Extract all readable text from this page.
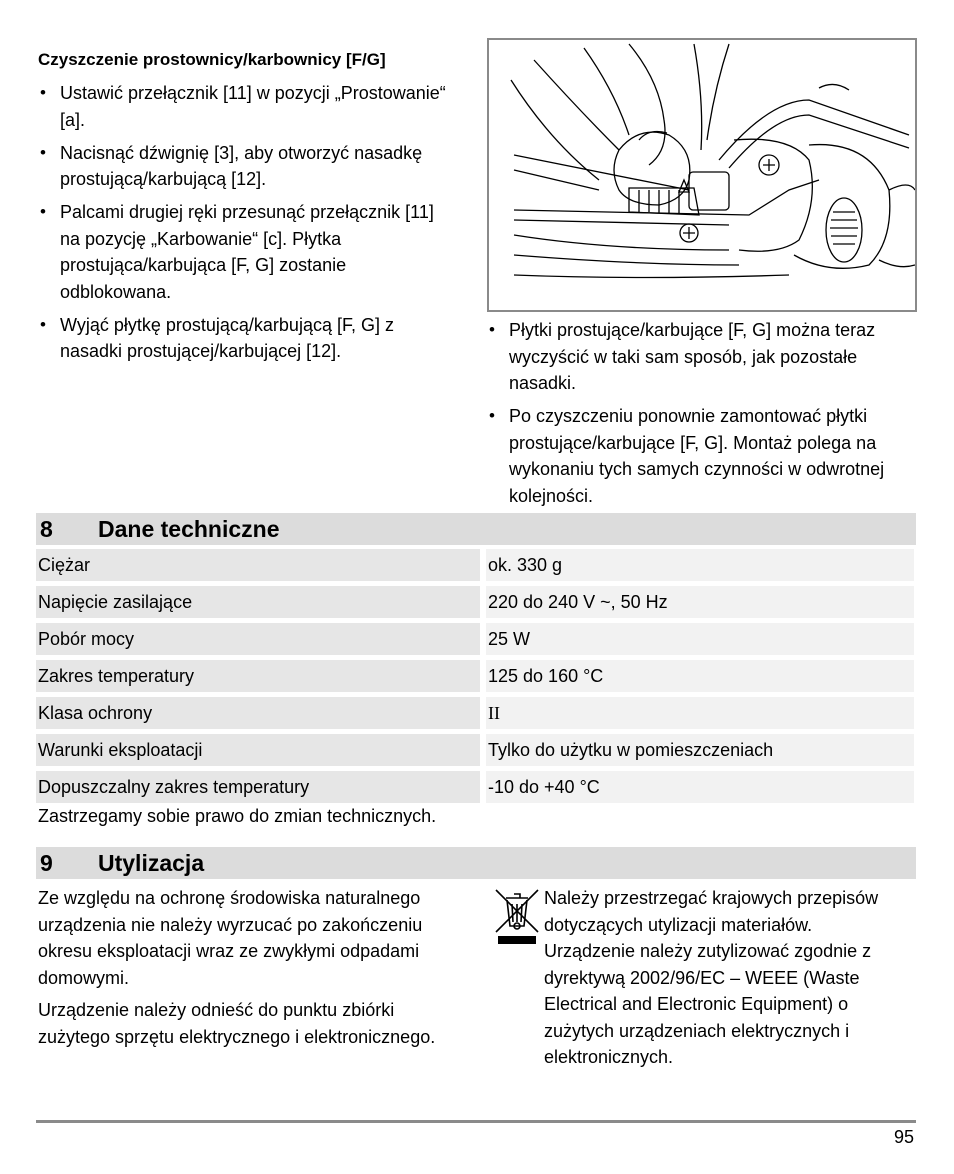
Czyszczenie prostownicy/karbownicy [F/G]
• Ustawić przełącznik [11] w pozycji „Prostowanie“ [a].
• Nacisnąć dźwignię [3], aby otworzyć nasadkę prostującą/karbującą [12].
• Palcami drugiej ręki przesunąć przełącznik [11] na pozycję „Karbowanie“ [c]. Płytka prostująca/karbująca [F, G] zostanie odblokowana.
• Wyjąć płytkę prostującą/karbującą [F, G] z nasadki prostującej/karbującej [12].
• Płytki prostujące/karbujące [F, G] można teraz wyczyścić w taki sam sposób, jak pozostałe nasadki.
• Po czyszczeniu ponownie zamontować płytki prostujące/karbujące [F, G]. Montaż polega na wykonaniu tych samych czynności w odwrotnej kolejności.
8	Dane techniczne
Ciężar		ok. 330 g
Napięcie zasilające		220 do 240 V ~, 50 Hz
Pobór mocy		25 W
Zakres temperatury		125 do 160 °C
Klasa ochrony		II
Warunki eksploatacji		Tylko do użytku w pomieszczeniach
Dopuszczalny zakres temperatury		-10 do +40 °C
Zastrzegamy sobie prawo do zmian technicznych.
9	Utylizacja

Ze względu na ochronę środowiska naturalnego urządzenia nie należy wyrzucać po zakończeniu okresu eksploatacji wraz ze zwykłymi odpadami domowymi.

Urządzenie należy odnieść do punktu zbiórki zużytego sprzętu elektrycznego i elektronicznego.

Należy przestrzegać krajowych przepisów dotyczących utylizacji materiałów.

Urządzenie należy zutylizować zgodnie z dyrektywą 2002/96/EC – WEEE (Waste Electrical and Electronic Equipment) o zużytych urządzeniach elektrycznych i elektronicznych.

95
